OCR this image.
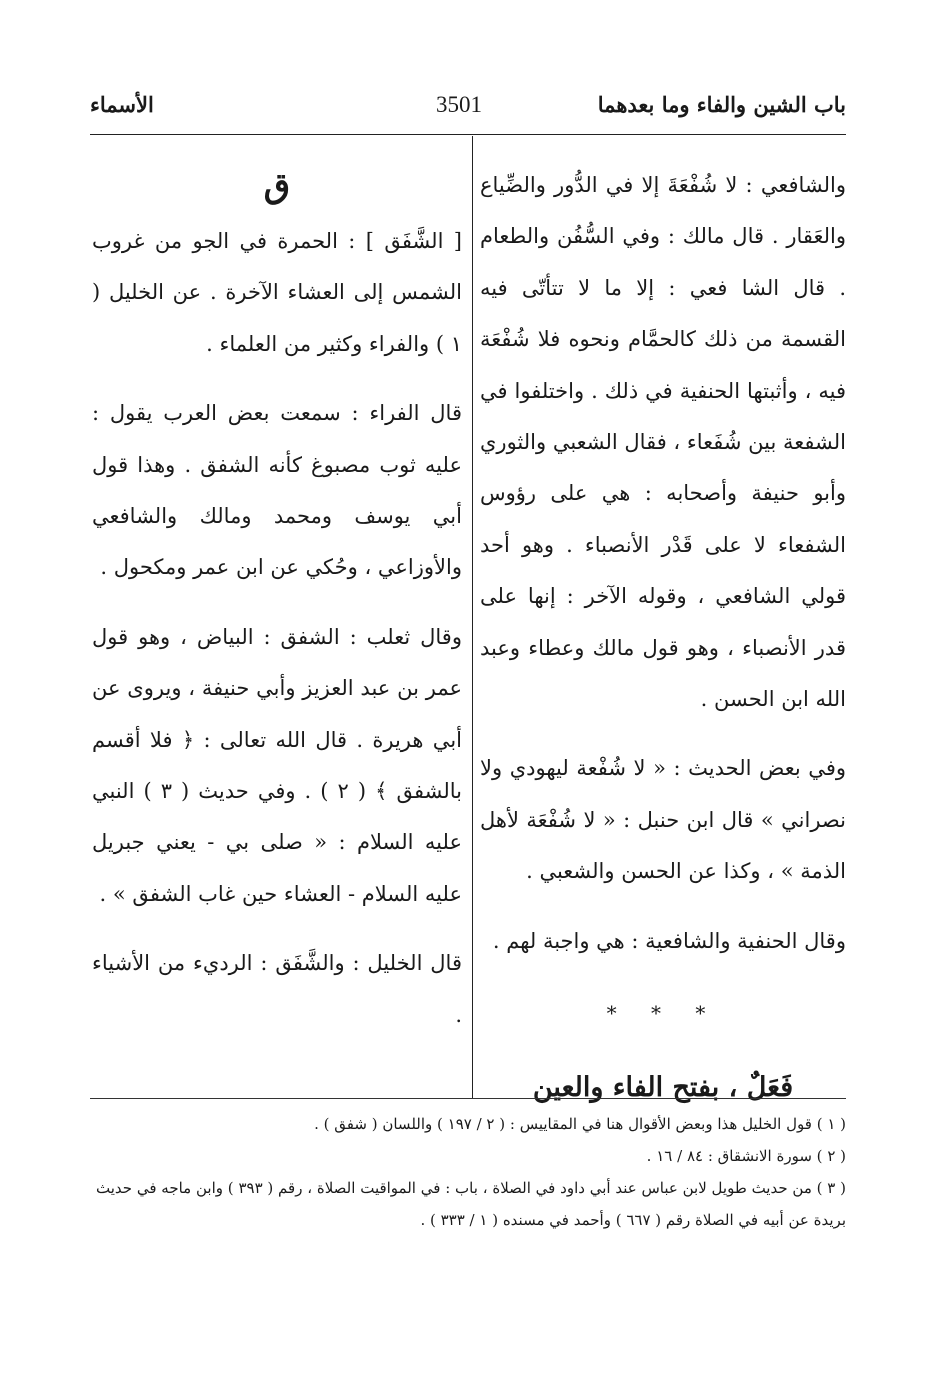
باب الشين والفاء وما بعدهما
3501
الأسماء

والشافعي : لا شُفْعَةَ إلا في الدُّور والضِّياع والعَقار . قال مالك : وفي السُّفُن والطعام . قال الشا فعي : إلا ما لا تتأتّى فيه القسمة من ذلك كالحمَّام ونحوه فلا شُفْعَة فيه ، وأثبتها الحنفية في ذلك . واختلفوا في الشفعة بين شُفَعاء ، فقال الشعبي والثوري وأبو حنيفة وأصحابه : هي على رؤوس الشفعاء لا على قَدْر الأنصباء . وهو أحد قولي الشافعي ، وقوله الآخر : إنها على قدر الأنصباء ، وهو قول مالك وعطاء وعبد الله ابن الحسن .

وفي بعض الحديث : « لا شُفْعة ليهودي ولا نصراني » قال ابن حنبل : « لا شُفْعَة لأهل الذمة » ، وكذا عن الحسن والشعبي .

وقال الحنفية والشافعية : هي واجبة لهم .

* * *
فَعَلٌ ، بفتح الفاء والعين
ق

[ الشَّفَق ] : الحمرة في الجو من غروب الشمس إلى العشاء الآخرة . عن الخليل ( ١ ) والفراء وكثير من العلماء .

قال الفراء : سمعت بعض العرب يقول : عليه ثوب مصبوغ كأنه الشفق . وهذا قول أبي يوسف ومحمد ومالك والشافعي والأوزاعي ، وحُكي عن ابن عمر ومكحول .

وقال ثعلب : الشفق : البياض ، وهو قول عمر بن عبد العزيز وأبي حنيفة ، ويروى عن أبي هريرة . قال الله تعالى : ﴿ فلا أقسم بالشفق ﴾ ( ٢ ) . وفي حديث ( ٣ ) النبي عليه السلام : « صلى بي - يعني جبريل عليه السلام - العشاء حين غاب الشفق » .

قال الخليل : والشَّفَق : الرديء من الأشياء .

( ١ ) قول الخليل هذا وبعض الأقوال هنا في المقاييس : ( ٢ / ١٩٧ ) واللسان ( شفق ) .

( ٢ ) سورة الانشقاق : ٨٤ / ١٦ .

( ٣ ) من حديث طويل لابن عباس عند أبي داود في الصلاة ، باب : في المواقيت الصلاة ، رقم ( ٣٩٣ ) وابن ماجه في حديث بريدة عن أبيه في الصلاة رقم ( ٦٦٧ ) وأحمد في مسنده ( ١ / ٣٣٣ ) .
